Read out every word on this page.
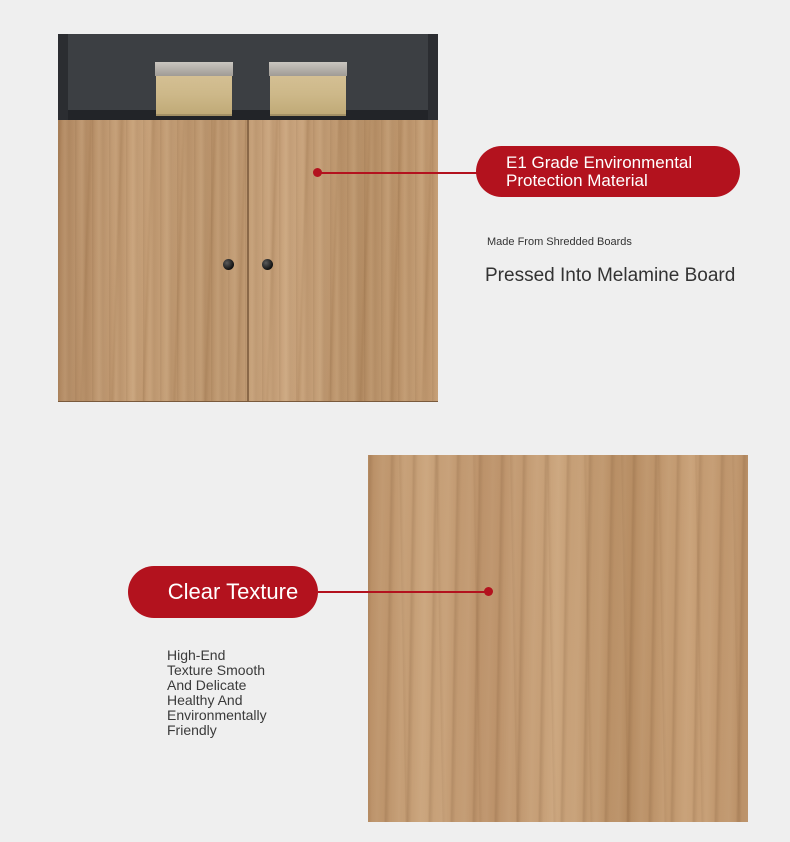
E1 Grade Environmental
Protection Material
Made From Shredded Boards
Pressed Into Melamine Board
Clear Texture
High-End
Texture Smooth
And Delicate
Healthy And
Environmentally
Friendly
